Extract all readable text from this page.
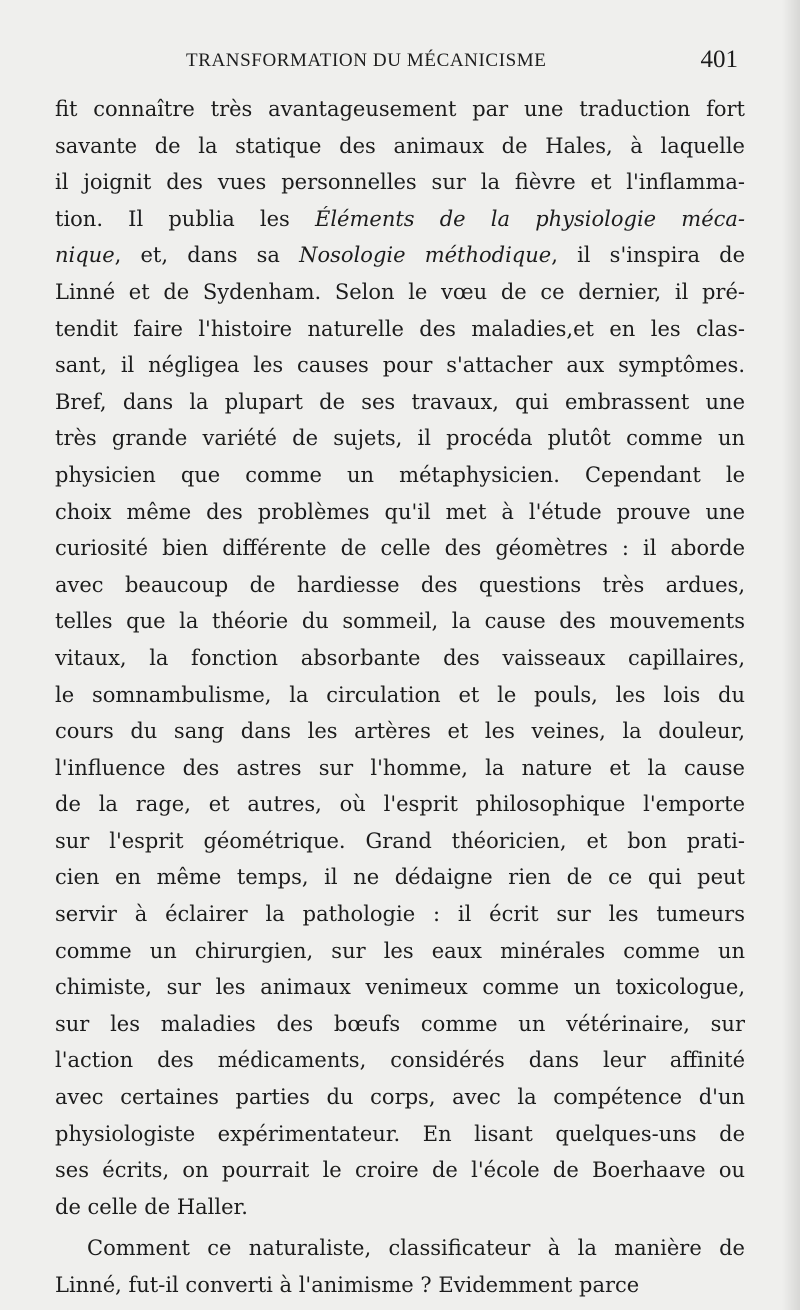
TRANSFORMATION DU MÉCANICISME	401
fit connaître très avantageusement par une traduction fort
savante de la statique des animaux de Hales, à laquelle
il joignit des vues personnelles sur la fièvre et l'inflamma-
tion. Il publia les Éléments de la physiologie méca-
nique, et, dans sa Nosologie méthodique, il s'inspira de
Linné et de Sydenham. Selon le vœu de ce dernier, il pré-
tendit faire l'histoire naturelle des maladies,et en les clas-
sant, il négligea les causes pour s'attacher aux symptômes.
Bref, dans la plupart de ses travaux, qui embrassent une
très grande variété de sujets, il procéda plutôt comme un
physicien que comme un métaphysicien. Cependant le
choix même des problèmes qu'il met à l'étude prouve une
curiosité bien différente de celle des géomètres : il aborde
avec beaucoup de hardiesse des questions très ardues,
telles que la théorie du sommeil, la cause des mouvements
vitaux, la fonction absorbante des vaisseaux capillaires,
le somnambulisme, la circulation et le pouls, les lois du
cours du sang dans les artères et les veines, la douleur,
l'influence des astres sur l'homme, la nature et la cause
de la rage, et autres, où l'esprit philosophique l'emporte
sur l'esprit géométrique. Grand théoricien, et bon prati-
cien en même temps, il ne dédaigne rien de ce qui peut
servir à éclairer la pathologie : il écrit sur les tumeurs
comme un chirurgien, sur les eaux minérales comme un
chimiste, sur les animaux venimeux comme un toxicologue,
sur les maladies des bœufs comme un vétérinaire, sur
l'action des médicaments, considérés dans leur affinité
avec certaines parties du corps, avec la compétence d'un
physiologiste expérimentateur. En lisant quelques-uns de
ses écrits, on pourrait le croire de l'école de Boerhaave ou
de celle de Haller.
Comment ce naturaliste, classificateur à la manière de
Linné, fut-il converti à l'animisme ? Evidemment parce
